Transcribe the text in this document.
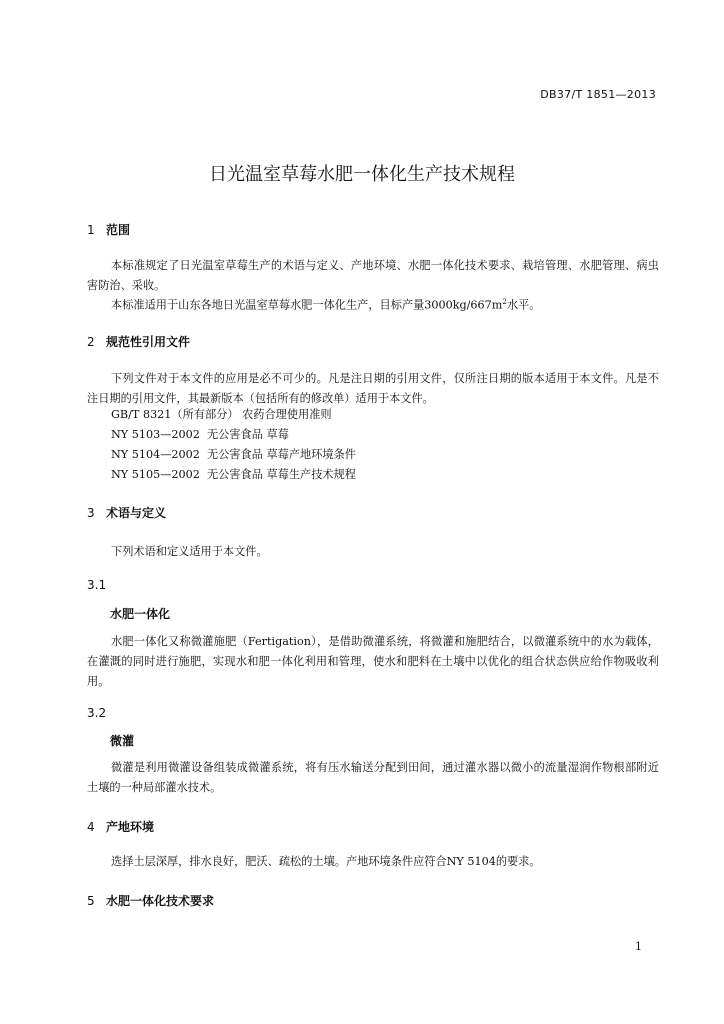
DB37/T 1851—2013
日光温室草莓水肥一体化生产技术规程
1 范围

本标准规定了日光温室草莓生产的术语与定义、产地环境、水肥一体化技术要求、栽培管理、水肥管理、病虫害防治、采收。

本标准适用于山东各地日光温室草莓水肥一体化生产，目标产量$3000kg/667m^2$水平。

2 规范性引用文件

下列文件对于本文件的应用是必不可少的。凡是注日期的引用文件，仅所注日期的版本适用于本文件。凡是不注日期的引用文件，其最新版本（包括所有的修改单）适用于本文件。

GB/T 8321（所有部分） 农药合理使用准则
NY 5103—2002  无公害食品 草莓
NY 5104—2002  无公害食品 草莓产地环境条件
NY 5105—2002  无公害食品 草莓生产技术规程
3 术语与定义

下列术语和定义适用于本文件。

3.1
水肥一体化

水肥一体化又称微灌施肥（Fertigation），是借助微灌系统，将微灌和施肥结合，以微灌系统中的水为载体，在灌溉的同时进行施肥，实现水和肥一体化利用和管理，使水和肥料在土壤中以优化的组合状态供应给作物吸收利用。

3.2
微灌

微灌是利用微灌设备组装成微灌系统，将有压水输送分配到田间，通过灌水器以微小的流量湿润作物根部附近土壤的一种局部灌水技术。

4 产地环境

选择土层深厚，排水良好，肥沃、疏松的土壤。产地环境条件应符合NY 5104的要求。

5 水肥一体化技术要求
1
